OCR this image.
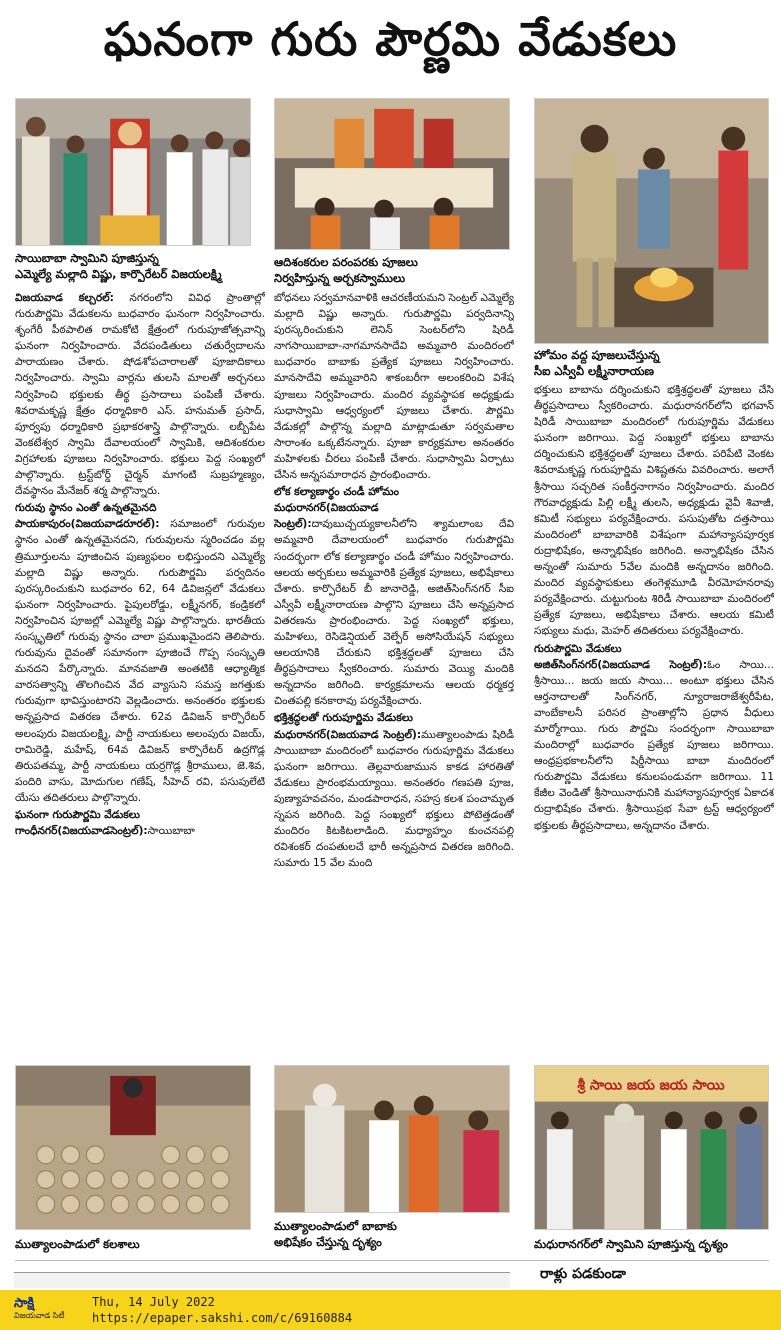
ఘనంగా గురు పౌర్ణమి వేడుకలు
సాయిబాబా స్వామిని పూజిస్తున్న
ఎమ్మెల్యే మల్లాది విష్ణు, కార్పొరేటర్ విజయలక్ష్మి
ఆదిశంకరుల పరంపరకు పూజలు
నిర్వహిస్తున్న అర్చకస్వాములు
హోమం వద్ద పూజలుచేస్తున్న
సీఐ ఎస్వీవీ లక్ష్మీనారాయణ

విజయవాడ కల్చరల్: నగరంలోని వివిధ ప్రాంతాల్లో గురుపౌర్ణమి వేడుకలను బుధవారం ఘనంగా నిర్వహించారు. శృంగేరీ పీఠపాలిత రామకోటి క్షేత్రంలో గురుపూజోత్సవాన్ని ఘనంగా నిర్వహించారు. వేదపండితులు చతుర్వేదాలను పారాయణం చేశారు. షోడశోపచారాలతో పూజాదికాలు నిర్వహించారు. స్వామి వార్లను తులసి మాలతో అర్చనలు నిర్వహించి భక్తులకు తీర్థ ప్రసాదాలు పంపిణీ చేశారు. శివరామకృష్ణ క్షేత్రం ధర్మాధికారి ఎస్. హనుమత్ ప్రసాద్, పూర్వపు ధర్మాధికారి ప్రభాకరశాస్త్రి పాల్గొన్నారు. లబ్బీపేట వెంకటేశ్వర స్వామి దేవాలయంలో స్వామికి, ఆదిశంకరుల విగ్రహాలకు పూజలు నిర్వహించారు. భక్తులు పెద్ద సంఖ్యలో పాల్గొన్నారు. ట్రస్ట్‌బోర్డ్ చైర్మన్ మాగంటి సుబ్రహ్మణ్యం, దేవస్థానం మేనేజర్ శర్మ పాల్గొన్నారు.

గురువు స్థానం ఎంతో ఉన్నతమైనది

పాయకాపురం(విజయవాడరూరల్): సమాజంలో గురువుల స్థానం ఎంతో ఉన్నతమైనదని, గురువులను స్మరించడం వల్ల త్రిమూర్తులను పూజించిన పుణ్యఫలం లభిస్తుందని ఎమ్మెల్యే మల్లాది విష్ణు అన్నారు. గురుపౌర్ణమి పర్వదినం పురస్కరించుకుని బుధవారం 62, 64 డివిజన్లలో వేడుకలు ఘనంగా నిర్వహించారు. పైపులరోడ్డు, లక్ష్మీనగర్, కండ్రికలో నిర్వహించిన పూజల్లో ఎమ్మెల్యే విష్ణు పాల్గొన్నారు. భారతీయ సంస్కృతిలో గురువు స్థానం చాలా ప్రముఖమైందని తెలిపారు. గురువును దైవంతో సమానంగా పూజించే గొప్ప సంస్కృతి మనదని పేర్కొన్నారు. మానవజాతి అంతటికి ఆధ్యాత్మిక వారసత్వాన్ని తొలగించిన వేద వ్యాసుని సమస్త జగత్తుకు గురువుగా భావిస్తుంటారని వెల్లడించారు. అనంతరం భక్తులకు అన్నప్రసాద వితరణ చేశారు. 62వ డివిజన్ కార్పొరేటర్ అలంపురు విజయలక్ష్మి, పార్టీ నాయకులు అలంపురు విజయ్, రామిరెడ్డి, మహేష్, 64వ డివిజన్ కార్పొరేటర్ ఉద్రగొడ్ల తిరుపతమ్మ, పార్టీ నాయకులు యర్రగొడ్ల శ్రీరాములు, జె.శివ, పందిరి వాసు, మోదుగుల గణేష్, సీహెచ్ రవి, పసుపులేటి యేసు తదితరులు పాల్గొన్నారు.

ఘనంగా గురుపౌర్ణమి వేడుకలు

గాంధీనగర్(విజయవాడసెంట్రల్):సాయిబాబా

బోధనలు సర్వమానవాళికి ఆచరణీయమని సెంట్రల్ ఎమ్మెల్యే మల్లాది విష్ణు అన్నారు. గురుపౌర్ణమి పర్వదినాన్ని పురస్కరించుకుని లెనిన్ సెంటర్‌లోని షిరిడీ నాగసాయిబాబా-నాగమానసాదేవి అమ్మవారి మందిరంలో బుధవారం బాబాకు ప్రత్యేక పూజలు నిర్వహించారు. మానసాదేవి అమ్మవారిని శాకంబరీగా అలంకరించి విశేష పూజలు నిర్వహించారు. మందిర వ్యవస్థాపక అధ్యక్షుడు సుధాస్వామి ఆధ్వర్యంలో పూజలు చేశారు. పౌర్ణమి వేడుకల్లో పాల్గొన్న మల్లాది మాట్లాడుతూ సర్వమతాల సారాంశం ఒక్కటేనన్నారు. పూజా కార్యక్రమాల అనంతరం మహిళలకు చీరలు పంపిణీ చేశారు. సుధాస్వామి ఏర్పాటు చేసిన అన్నసమారాధన ప్రారంభించారు.

లోక కల్యాణార్థం చండీ హోమం

మధురానగర్(విజయవాడ సెంట్రల్):దావుబుచ్చయ్యకాలనీలోని శ్యామలాంబ దేవి అమ్మవారి దేవాలయంలో బుధవారం గురుపౌర్ణమి సందర్భంగా లోక కల్యాణార్థం చండీ హోమం నిర్వహించారు. ఆలయ అర్చకులు అమ్మవారికి ప్రత్యేక పూజలు, అభిషేకాలు చేశారు. కార్పొరేటర్ బీ జానారెడ్డి, అజిత్‌సింగ్‌నగర్ సీఐ ఎస్వీవీ లక్ష్మీనారాయణ పాల్గొని పూజలు చేసి అన్నప్రసాద వితరణను ప్రారంభించారు. పెద్ద సంఖ్యలో భక్తులు, మహిళలు, రెసిడెన్షియల్ వెల్ఫేర్ అసోసియేషన్ సభ్యులు ఆలయానికి చేరుకుని భక్తిశ్రద్ధలతో పూజలు చేసి తీర్థప్రసాదాలు స్వీకరించారు. సుమారు వెయ్యి మందికి అన్నదానం జరిగింది. కార్యక్రమాలను ఆలయ ధర్మకర్త చింతపల్లి కనకారావు పర్యవేక్షించారు.

భక్తిశ్రద్ధలతో గురుపూర్ణిమ వేడుకలు

మధురానగర్(విజయవాడ సెంట్రల్):ముత్యాలంపాడు షిరిడీ సాయిబాబా మందిరంలో బుధవారం గురుపూర్ణిమ వేడుకలు ఘనంగా జరిగాయి. తెల్లవారుజామున కాకడ హారతితో వేడుకలు ప్రారంభమయ్యాయి. అనంతరం గణపతి పూజ, పుణ్యాహవచనం, మండపారాధన, సహస్ర కలశ పంచామృత స్నపన జరిగింది. పెద్ద సంఖ్యలో భక్తులు పోటెత్తడంతో మందిరం కిటకిటలాడింది. మధ్యాహ్నం కుంచనపల్లి రవిశంకర్ దంపతులచే భారీ అన్నప్రసాద వితరణ జరిగింది. సుమారు 15 వేల మంది

భక్తులు బాబాను దర్శించుకుని భక్తిశ్రద్ధలతో పూజలు చేసి తీర్థప్రసాదాలు స్వీకరించారు. మధురానగర్‌లోని భగవాన్ షిరిడీ సాయిబాబా మందిరంలో గురుపూర్ణిమ వేడుకలు ఘనంగా జరిగాయి. పెద్ద సంఖ్యలో భక్తులు బాబాను దర్శించుకుని భక్తిశ్రద్ధలతో పూజలు చేశారు. పరిపేటి వెంకట శివరామకృష్ణ గురుపూర్ణిమ విశిష్టతను వివరించారు. అలాగే శ్రీసాయి సచ్చరిత సంకీర్తనాగానం నిర్వహించారు. మందిర గౌరవాధ్యక్షుడు పిల్లి లక్ష్మీ తులసి, అధ్యక్షుడు వైవీ శివాజీ, కమిటీ సభ్యులు పర్యవేక్షించారు. పసుపుతోట దత్తసాయి మందిరంలో బాబావారికి విశేషంగా మహాన్యాసపూర్వక రుద్రాభిషేకం, అన్నాభిషేకం జరిగింది. అన్నాభిషేకం చేసిన అన్నంతో సుమారు 5వేల మందికి అన్నదానం జరిగింది. మందిర వ్యవస్థాపకులు తంగెళ్లమూడి వీరమోహనరావు పర్యవేక్షించారు. చుట్టుగుంట శిరిడీ సాయిబాబా మందిరంలో ప్రత్యేక పూజలు, అభిషేకాలు చేశారు. ఆలయ కమిటీ సభ్యులు మధు, మెహర్ తదితరులు పర్యవేక్షించారు.

గురుపౌర్ణమి వేడుకలు

అజిత్‌సింగ్‌నగర్(విజయవాడ సెంట్రల్):ఓం సాయి... శ్రీసాయి... జయ జయ సాయి... అంటూ భక్తులు చేసిన ఆర్తనాదాలతో సింగ్‌నగర్, న్యూరాజరాజేశ్వరీపేట, వాంబేకాలనీ పరిసర ప్రాంతాల్లోని ప్రధాన వీధులు మార్మోగాయి. గురు పౌర్ణమి సందర్భంగా సాయిబాబా మందిరాల్లో బుధవారం ప్రత్యేక పూజలు జరిగాయి. ఆంధ్రప్రభకాలనీలోని షిర్డీసాయి బాబా మందిరంలో గురుపౌర్ణమి వేడుకలు కనులపండువగా జరిగాయి. 11 కేజీల వెండితో శ్రీసాయినాథునికి మహాన్యాసపూర్వక ఏకాదశ రుద్రాభిషేకం చేశారు. శ్రీసాయిప్రభ సేవా ట్రస్ట్ ఆధ్వర్యంలో భక్తులకు తీర్థప్రసాదాలు, అన్నదానం చేశారు.

శ్రీ సాయి జయ జయ సాయి
ముత్యాలంపాడులో కలశాలు
ముత్యాలంపాడులో బాబాకు
అభిషేకం చేస్తున్న దృశ్యం	మధురానగర్‌లో స్వామిని పూజిస్తున్న దృశ్యం
రాళ్లు పడకుండా
సాక్షి
విజయవాడ సిటీ
Thu, 14 July 2022
https://epaper.sakshi.com/c/69160884
